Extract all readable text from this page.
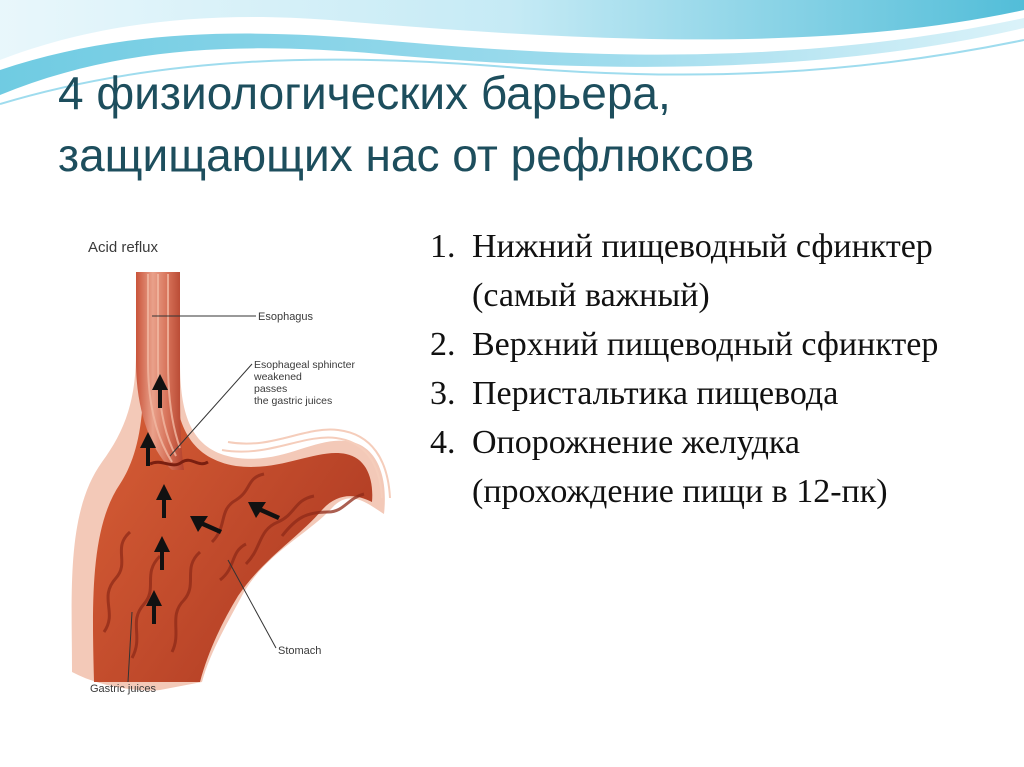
4 физиологических барьера,
защищающих нас от рефлюксов
Acid reflux
Esophagus
Esophageal sphincter
weakened
passes
the gastric juices
Stomach
Gastric juices
1. Нижний пищеводный сфинктер (самый важный)
2. Верхний пищеводный сфинктер
3. Перистальтика пищевода
4. Опорожнение желудка (прохождение пищи в 12-пк)
